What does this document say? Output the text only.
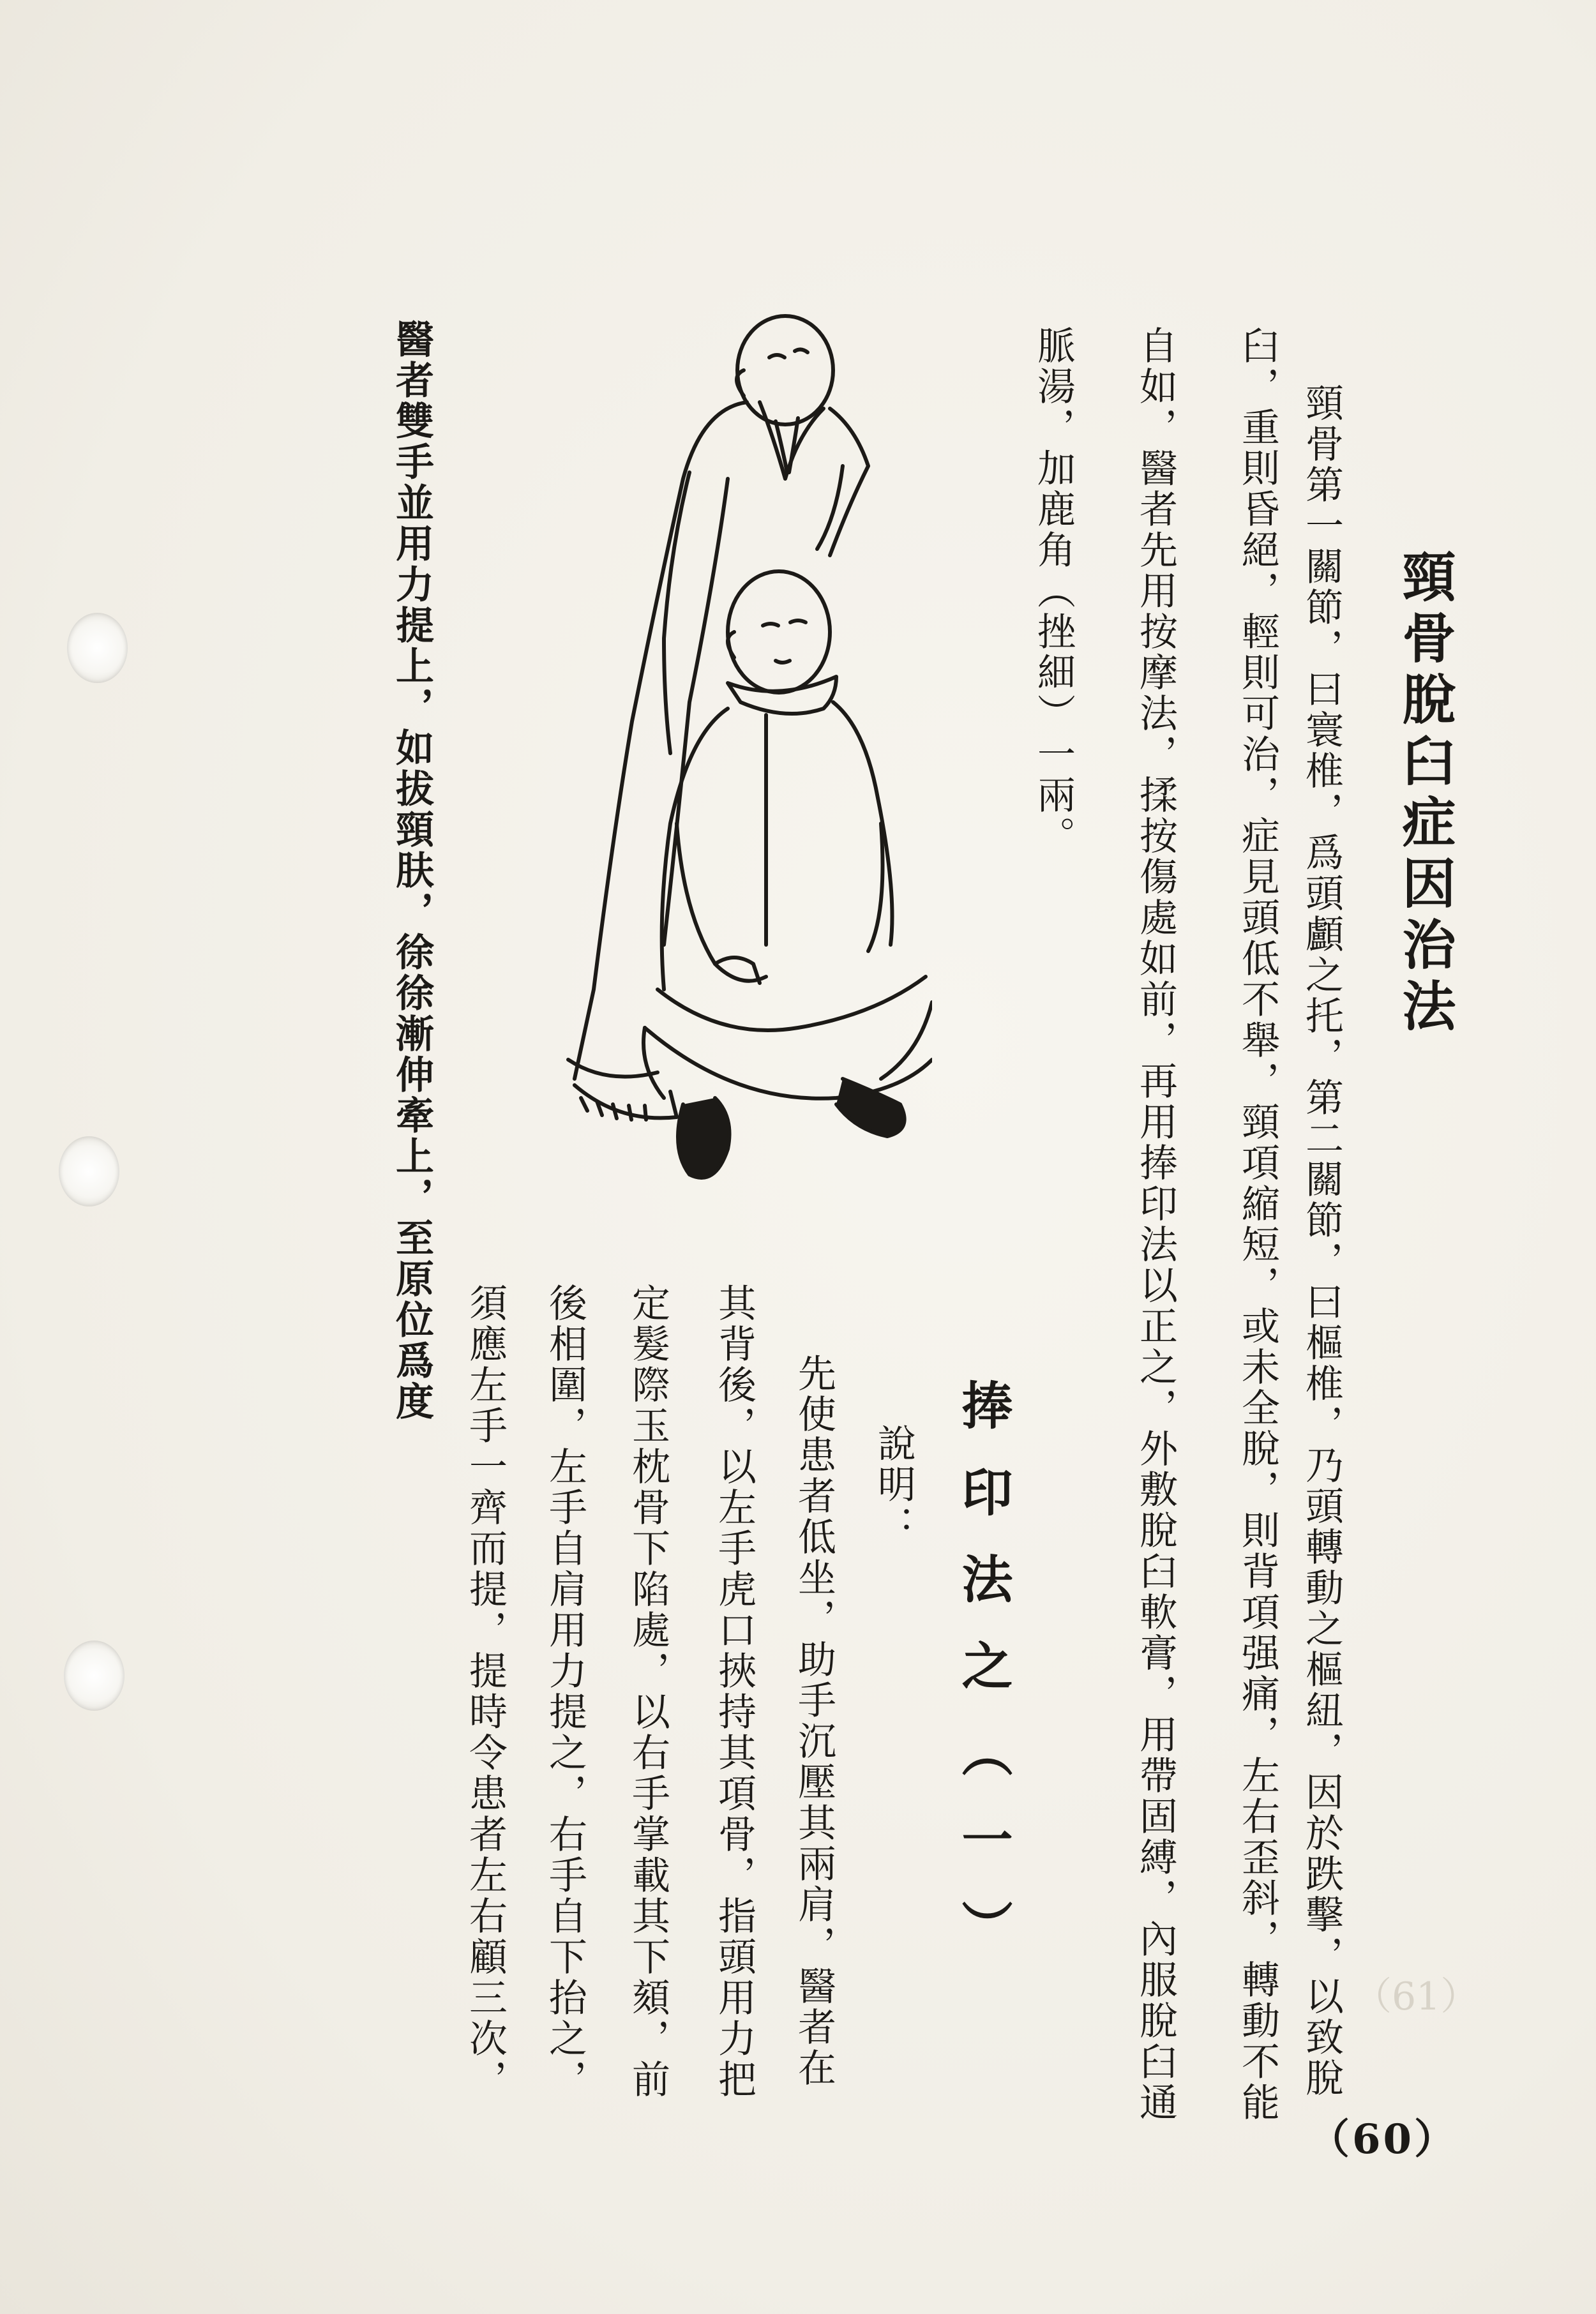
頸骨脫臼症因治法
頸骨第一關節，曰寰椎，爲頭顱之托，第二關節，曰樞椎，乃頭轉動之樞紐，因於跌擊，以致脫
臼，重則昏絕，輕則可治，症見頭低不舉，頸項縮短，或未全脫，則背項强痛，左右歪斜，轉動不能
自如，醫者先用按摩法，揉按傷處如前，再用捧印法以正之，外敷脫臼軟膏，用帶固縛，內服脫臼通
脈湯，加鹿角（挫細）一兩。
捧印法之（一）
說明：
先使患者低坐，助手沉壓其兩肩，醫者在
其背後，以左手虎口挾持其項骨，指頭用力把
定髮際玉枕骨下陷處，以右手掌載其下頦，前
後相圍，左手自肩用力提之，右手自下抬之，
須應左手一齊而提，提時令患者左右顧三次，
醫者雙手並用力提上，如拔頸肤，徐徐漸伸牽上，至原位爲度
（60）
（61）
